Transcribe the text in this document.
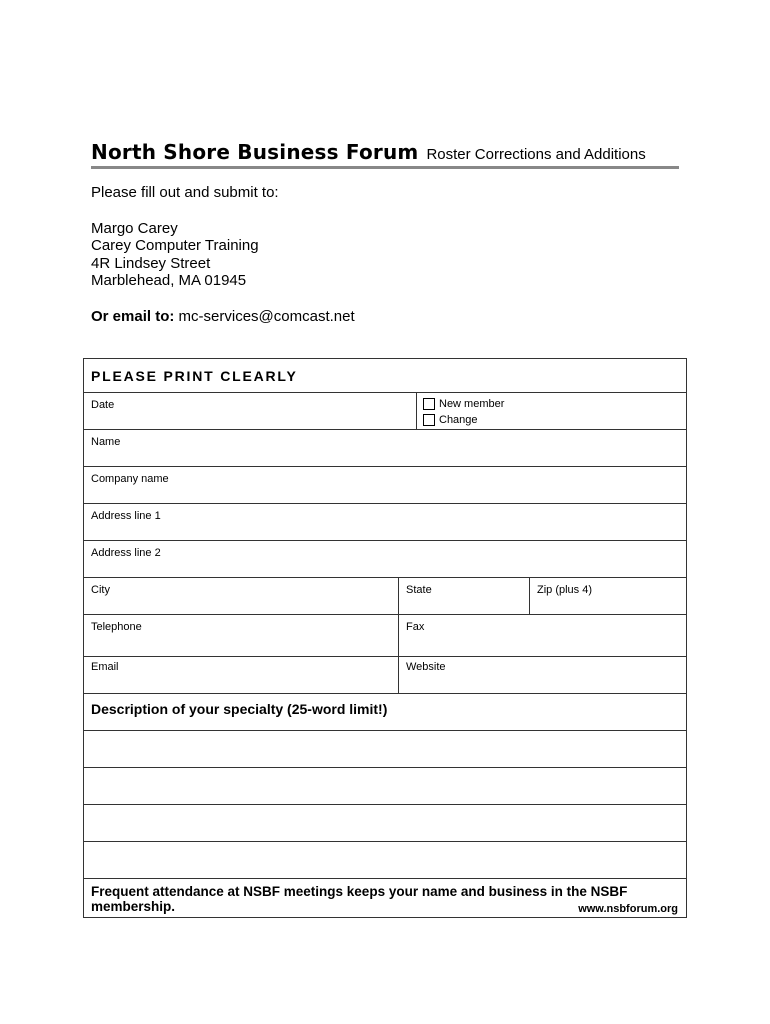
North Shore Business Forum Roster Corrections and Additions
Please fill out and submit to:
Margo Carey
Carey Computer Training
4R Lindsey Street
Marblehead, MA 01945
Or email to: mc-services@comcast.net
PLEASE PRINT CLEARLY
Date	New member
Change
Name
Company name
Address line 1
Address line 2
City	State	Zip (plus 4)
Telephone	Fax
Email	Website
Description of your specialty (25-word limit!)
Frequent attendance at NSBF meetings keeps your name and business in the NSBF membership.	www.nsbforum.org
